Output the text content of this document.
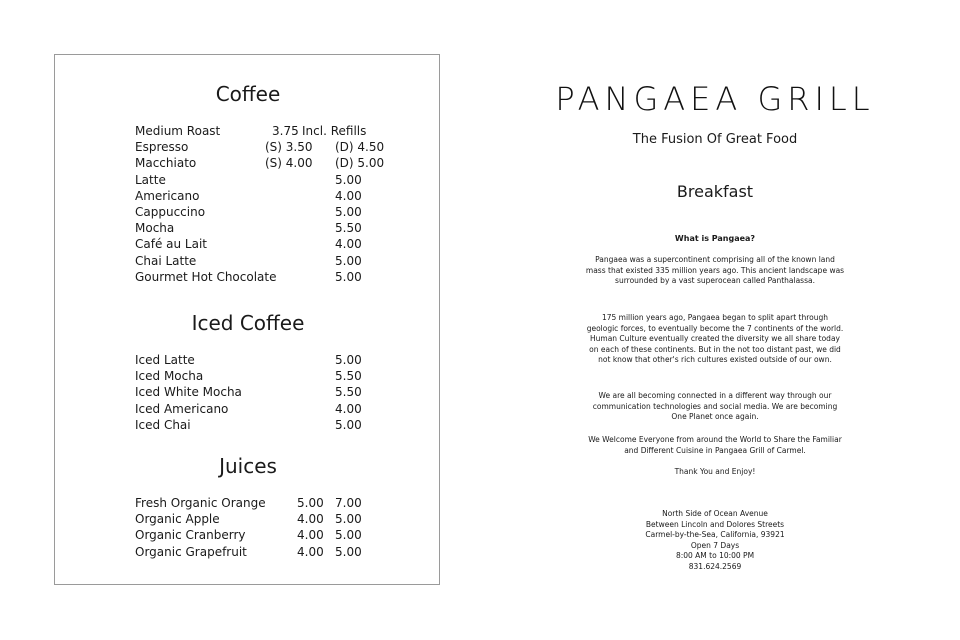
Coffee
Medium Roast	3.75 Incl. Refills
Espresso	(S) 3.50 (D) 4.50
Macchiato	(S) 4.00 (D) 5.00
Latte	5.00
Americano	4.00
Cappuccino	5.00
Mocha	5.50
Café au Lait	4.00
Chai Latte	5.00
Gourmet Hot Chocolate	5.00
Iced Coffee
Iced Latte	5.00
Iced Mocha	5.50
Iced White Mocha	5.50
Iced Americano	4.00
Iced Chai	5.00
Juices
Fresh Organic Orange	5.00 7.00
Organic Apple	4.00 5.00
Organic Cranberry	4.00 5.00
Organic Grapefruit	4.00 5.00
PANGAEA GRILL
The Fusion Of Great Food
Breakfast
What is Pangaea?
Pangaea was a supercontinent comprising all of the known land mass that existed 335 million years ago. This ancient landscape was surrounded by a vast superocean called Panthalassa.
175 million years ago, Pangaea began to split apart through geologic forces, to eventually become the 7 continents of the world. Human Culture eventually created the diversity we all share today on each of these continents. But in the not too distant past, we did not know that other's rich cultures existed outside of our own.
We are all becoming connected in a different way through our communication technologies and social media. We are becoming One Planet once again.
We Welcome Everyone from around the World to Share the Familiar and Different Cuisine in Pangaea Grill of Carmel.
Thank You and Enjoy!
North Side of Ocean Avenue
Between Lincoln and Dolores Streets
Carmel-by-the-Sea, California, 93921
Open 7 Days
8:00 AM to 10:00 PM
831.624.2569
